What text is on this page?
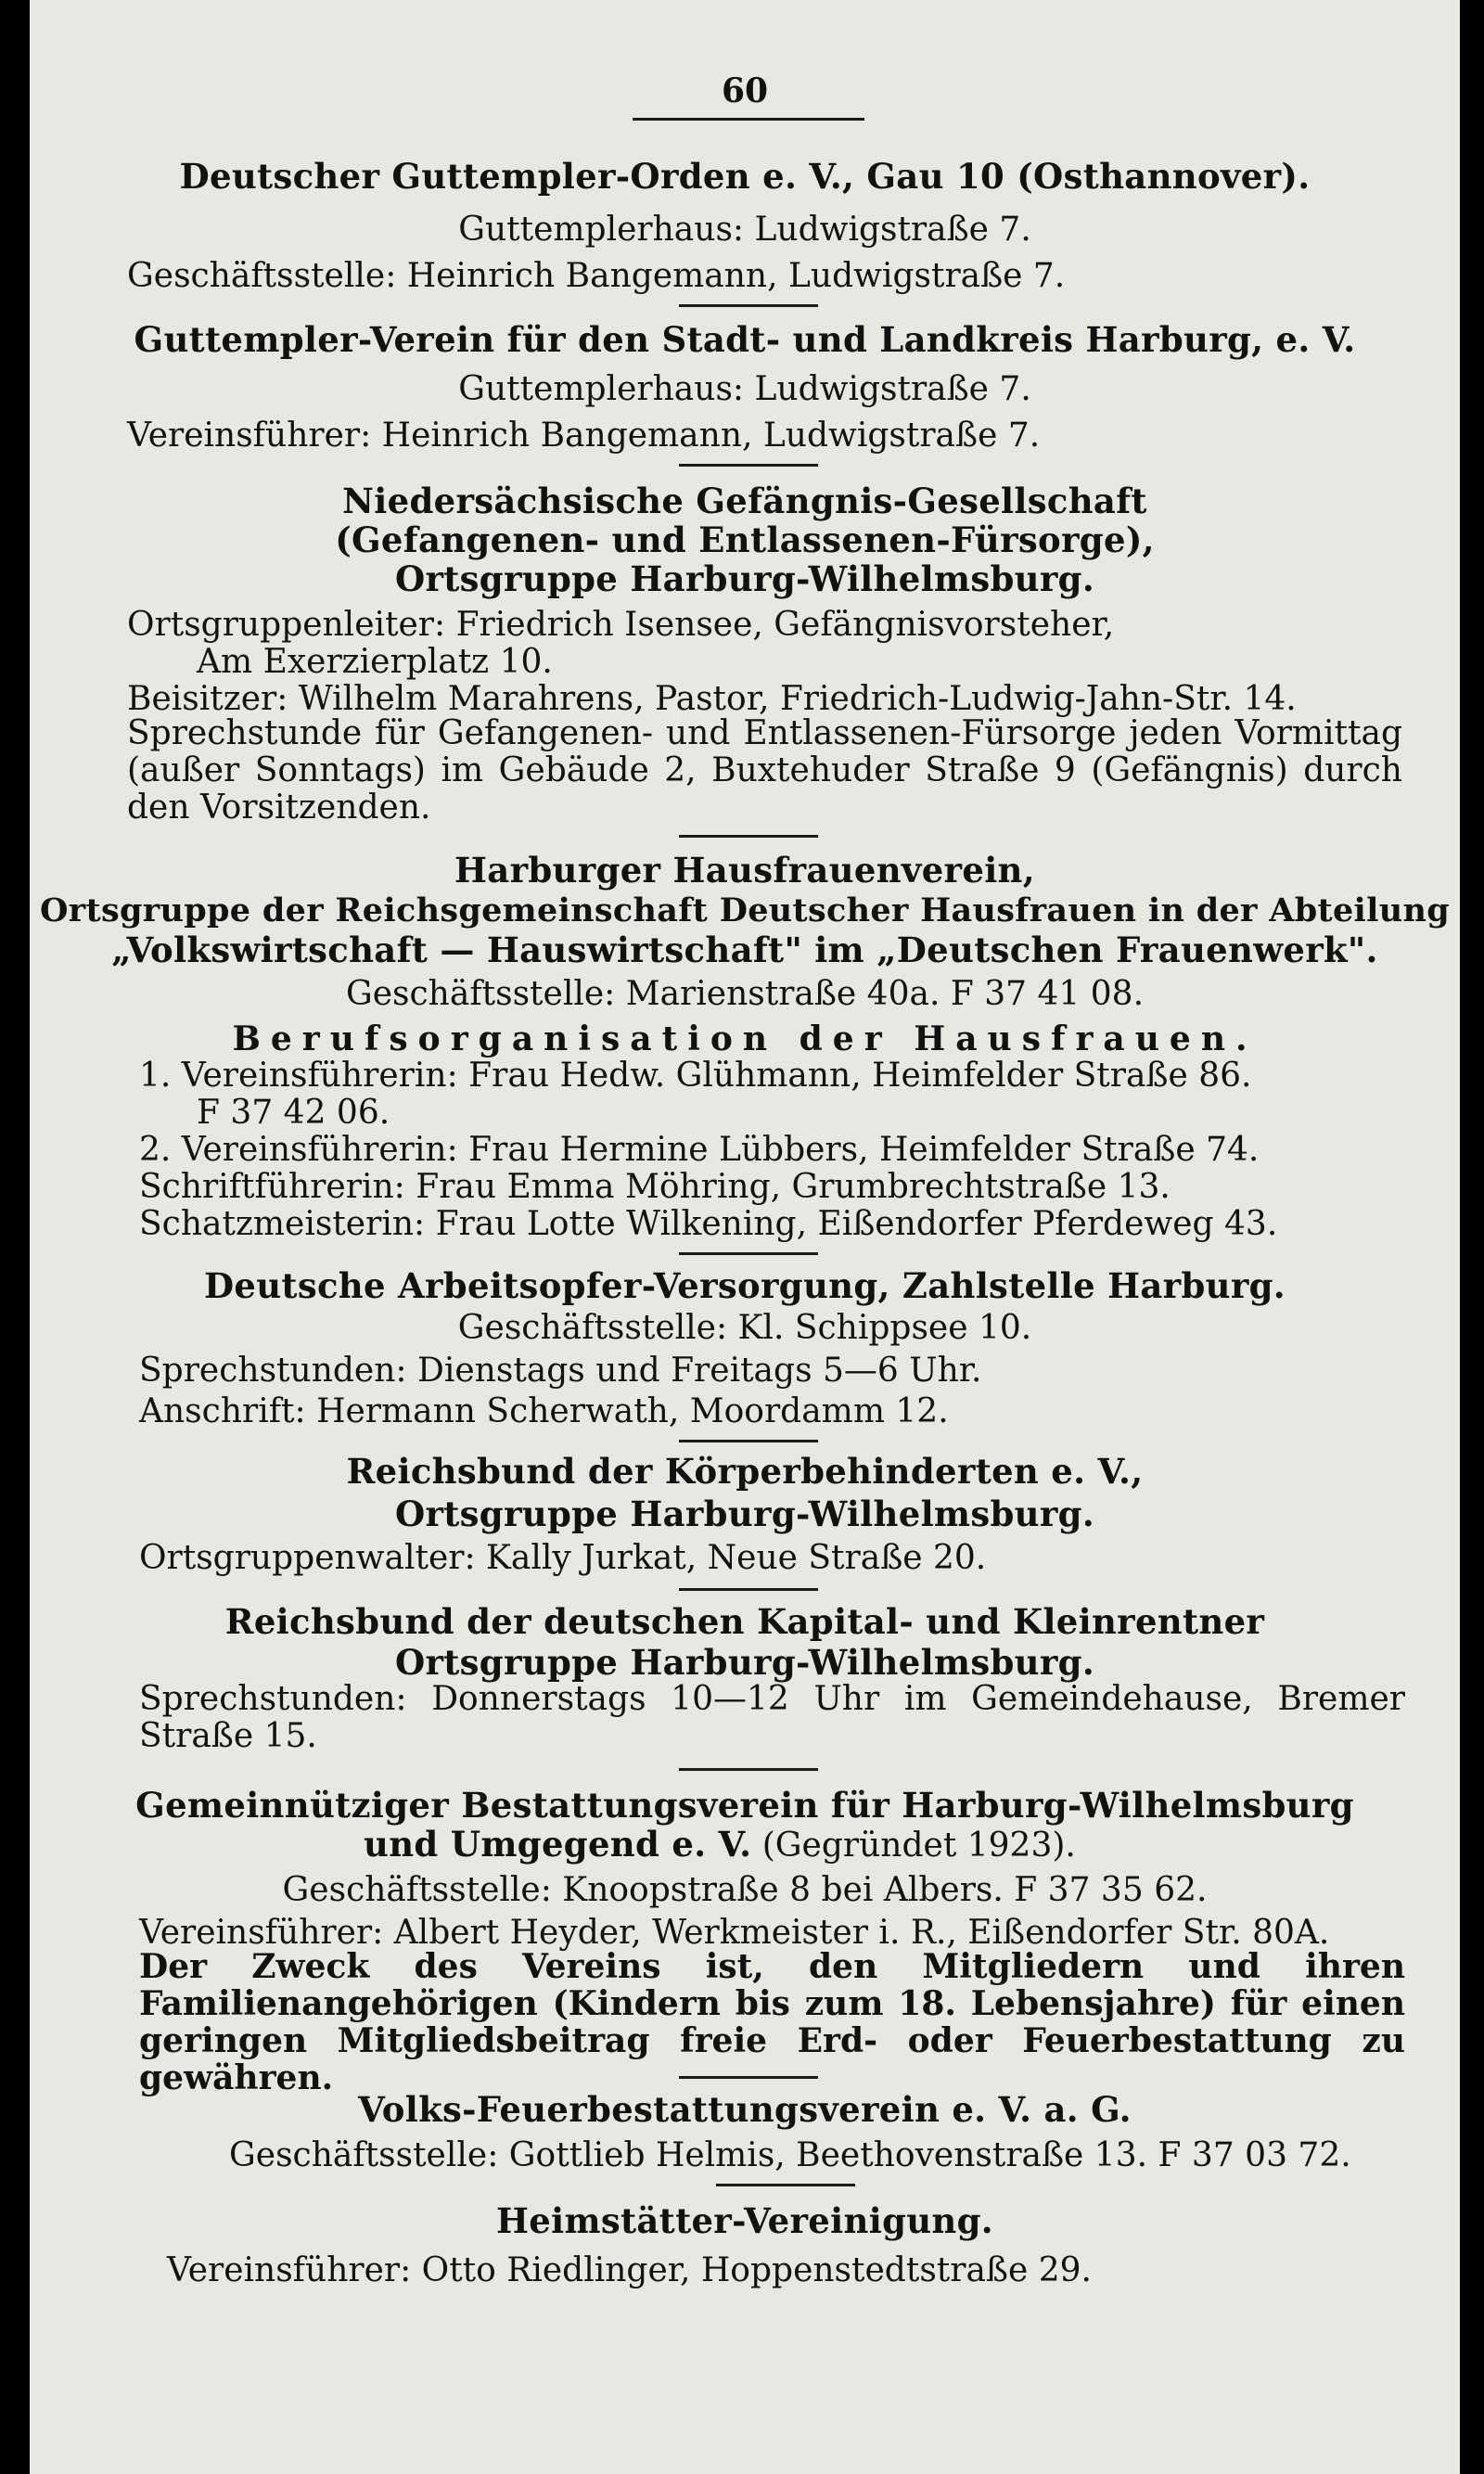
60
Deutscher Guttempler-Orden e. V., Gau 10 (Osthannover).
Guttemplerhaus: Ludwigstraße 7.
Geschäftsstelle: Heinrich Bangemann, Ludwigstraße 7.
Guttempler-Verein für den Stadt- und Landkreis Harburg, e. V.
Guttemplerhaus: Ludwigstraße 7.
Vereinsführer: Heinrich Bangemann, Ludwigstraße 7.
Niedersächsische Gefängnis-Gesellschaft
(Gefangenen- und Entlassenen-Fürsorge),
Ortsgruppe Harburg-Wilhelmsburg.
Ortsgruppenleiter: Friedrich Isensee, Gefängnisvorsteher,
Am Exerzierplatz 10.
Beisitzer: Wilhelm Marahrens, Pastor, Friedrich-Ludwig-Jahn-Str. 14.
Sprechstunde für Gefangenen- und Entlassenen-Fürsorge jeden Vormittag (außer Sonntags) im Gebäude 2, Buxtehuder Straße 9 (Gefängnis) durch den Vorsitzenden.
Harburger Hausfrauenverein,
Ortsgruppe der Reichsgemeinschaft Deutscher Hausfrauen in der Abteilung
„Volkswirtschaft — Hauswirtschaft" im „Deutschen Frauenwerk".
Geschäftsstelle: Marienstraße 40a. F 37 41 08.
Berufsorganisation der Hausfrauen.
1. Vereinsführerin: Frau Hedw. Glühmann, Heimfelder Straße 86.
F 37 42 06.
2. Vereinsführerin: Frau Hermine Lübbers, Heimfelder Straße 74.
Schriftführerin: Frau Emma Möhring, Grumbrechtstraße 13.
Schatzmeisterin: Frau Lotte Wilkening, Eißendorfer Pferdeweg 43.
Deutsche Arbeitsopfer-Versorgung, Zahlstelle Harburg.
Geschäftsstelle: Kl. Schippsee 10.
Sprechstunden: Dienstags und Freitags 5—6 Uhr.
Anschrift: Hermann Scherwath, Moordamm 12.
Reichsbund der Körperbehinderten e. V.,
Ortsgruppe Harburg-Wilhelmsburg.
Ortsgruppenwalter: Kally Jurkat, Neue Straße 20.
Reichsbund der deutschen Kapital- und Kleinrentner
Ortsgruppe Harburg-Wilhelmsburg.
Sprechstunden: Donnerstags 10—12 Uhr im Gemeindehause, Bremer Straße 15.
Gemeinnütziger Bestattungsverein für Harburg-Wilhelmsburg
und Umgegend e. V. (Gegründet 1923).
Geschäftsstelle: Knoopstraße 8 bei Albers. F 37 35 62.
Vereinsführer: Albert Heyder, Werkmeister i. R., Eißendorfer Str. 80A.
Der Zweck des Vereins ist, den Mitgliedern und ihren Familienangehörigen (Kindern bis zum 18. Lebensjahre) für einen geringen Mitgliedsbeitrag freie Erd- oder Feuerbestattung zu gewähren.
Volks-Feuerbestattungsverein e. V. a. G.
Geschäftsstelle: Gottlieb Helmis, Beethovenstraße 13. F 37 03 72.
Heimstätter-Vereinigung.
Vereinsführer: Otto Riedlinger, Hoppenstedtstraße 29.
